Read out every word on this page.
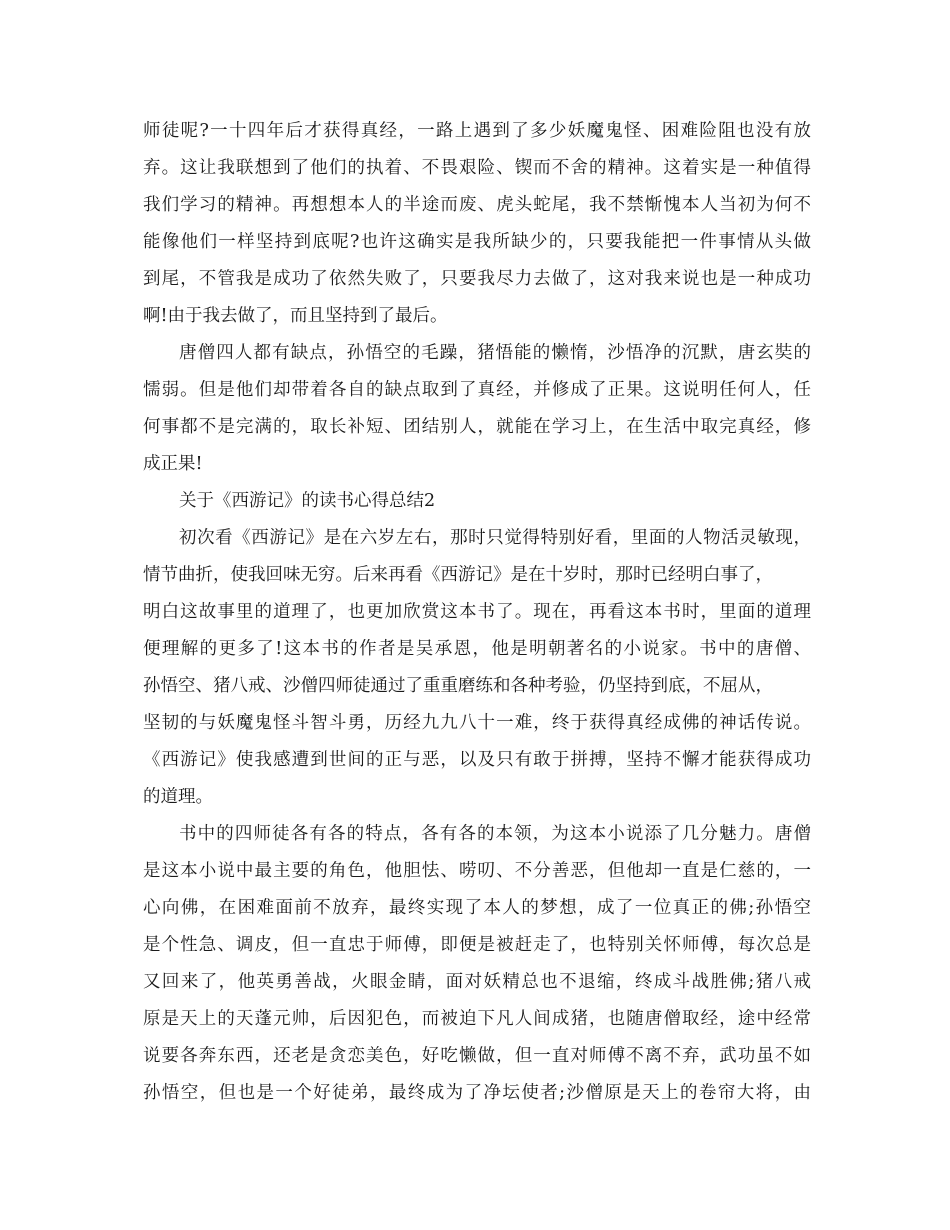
师徒呢?一十四年后才获得真经，一路上遇到了多少妖魔鬼怪、困难险阻也没有放
弃。这让我联想到了他们的执着、不畏艰险、锲而不舍的精神。这着实是一种值得
我们学习的精神。再想想本人的半途而废、虎头蛇尾，我不禁惭愧本人当初为何不
能像他们一样坚持到底呢?也许这确实是我所缺少的，只要我能把一件事情从头做
到尾，不管我是成功了依然失败了，只要我尽力去做了，这对我来说也是一种成功
啊!由于我去做了，而且坚持到了最后。
唐僧四人都有缺点，孙悟空的毛躁，猪悟能的懒惰，沙悟净的沉默，唐玄奘的
懦弱。但是他们却带着各自的缺点取到了真经，并修成了正果。这说明任何人，任
何事都不是完满的，取长补短、团结别人，就能在学习上，在生活中取完真经，修
成正果!
关于《西游记》的读书心得总结2
初次看《西游记》是在六岁左右，那时只觉得特别好看，里面的人物活灵敏现，
情节曲折，使我回味无穷。后来再看《西游记》是在十岁时，那时已经明白事了，
明白这故事里的道理了，也更加欣赏这本书了。现在，再看这本书时，里面的道理
便理解的更多了!这本书的作者是吴承恩，他是明朝著名的小说家。书中的唐僧、
孙悟空、猪八戒、沙僧四师徒通过了重重磨练和各种考验，仍坚持到底，不屈从，
坚韧的与妖魔鬼怪斗智斗勇，历经九九八十一难，终于获得真经成佛的神话传说。
《西游记》使我感遭到世间的正与恶，以及只有敢于拼搏，坚持不懈才能获得成功
的道理。
书中的四师徒各有各的特点，各有各的本领，为这本小说添了几分魅力。唐僧
是这本小说中最主要的角色，他胆怯、唠叨、不分善恶，但他却一直是仁慈的，一
心向佛，在困难面前不放弃，最终实现了本人的梦想，成了一位真正的佛;孙悟空
是个性急、调皮，但一直忠于师傅，即便是被赶走了，也特别关怀师傅，每次总是
又回来了，他英勇善战，火眼金睛，面对妖精总也不退缩，终成斗战胜佛;猪八戒
原是天上的天蓬元帅，后因犯色，而被迫下凡人间成猪，也随唐僧取经，途中经常
说要各奔东西，还老是贪恋美色，好吃懒做，但一直对师傅不离不弃，武功虽不如
孙悟空，但也是一个好徒弟，最终成为了净坛使者;沙僧原是天上的卷帘大将，由
